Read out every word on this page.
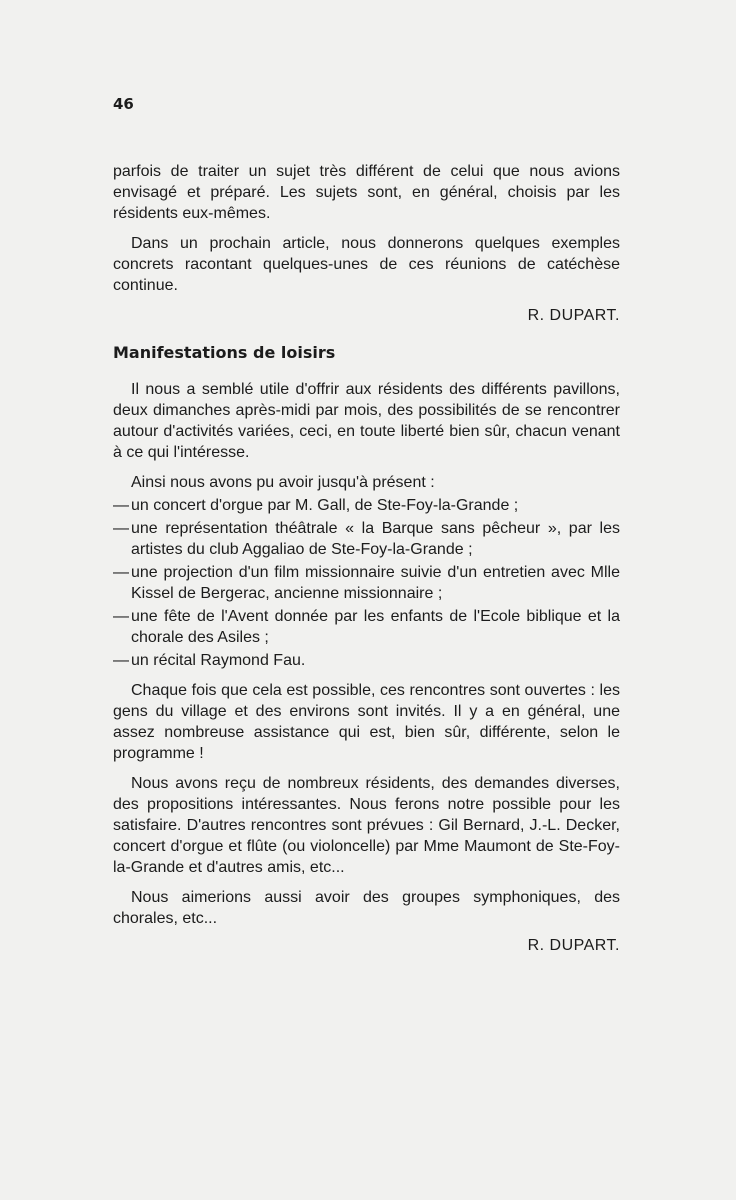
46

parfois de traiter un sujet très différent de celui que nous avions envisagé et préparé. Les sujets sont, en général, choisis par les résidents eux-mêmes.

Dans un prochain article, nous donnerons quelques exemples concrets racontant quelques-unes de ces réunions de catéchèse continue.

R. DUPART.
Manifestations de loisirs

Il nous a semblé utile d'offrir aux résidents des différents pavillons, deux dimanches après-midi par mois, des possibilités de se rencontrer autour d'activités variées, ceci, en toute liberté bien sûr, chacun venant à ce qui l'intéresse.

Ainsi nous avons pu avoir jusqu'à présent :

— un concert d'orgue par M. Gall, de Ste-Foy-la-Grande ;
— une représentation théâtrale « la Barque sans pêcheur », par les artistes du club Aggaliao de Ste-Foy-la-Grande ;
— une projection d'un film missionnaire suivie d'un entretien avec Mlle Kissel de Bergerac, ancienne missionnaire ;
— une fête de l'Avent donnée par les enfants de l'Ecole biblique et la chorale des Asiles ;
— un récital Raymond Fau.

Chaque fois que cela est possible, ces rencontres sont ouvertes : les gens du village et des environs sont invités. Il y a en général, une assez nombreuse assistance qui est, bien sûr, différente, selon le programme !

Nous avons reçu de nombreux résidents, des demandes diverses, des propositions intéressantes. Nous ferons notre possible pour les satisfaire. D'autres rencontres sont prévues : Gil Bernard, J.-L. Decker, concert d'orgue et flûte (ou violoncelle) par Mme Maumont de Ste-Foy-la-Grande et d'autres amis, etc...

Nous aimerions aussi avoir des groupes symphoniques, des chorales, etc...

R. DUPART.
